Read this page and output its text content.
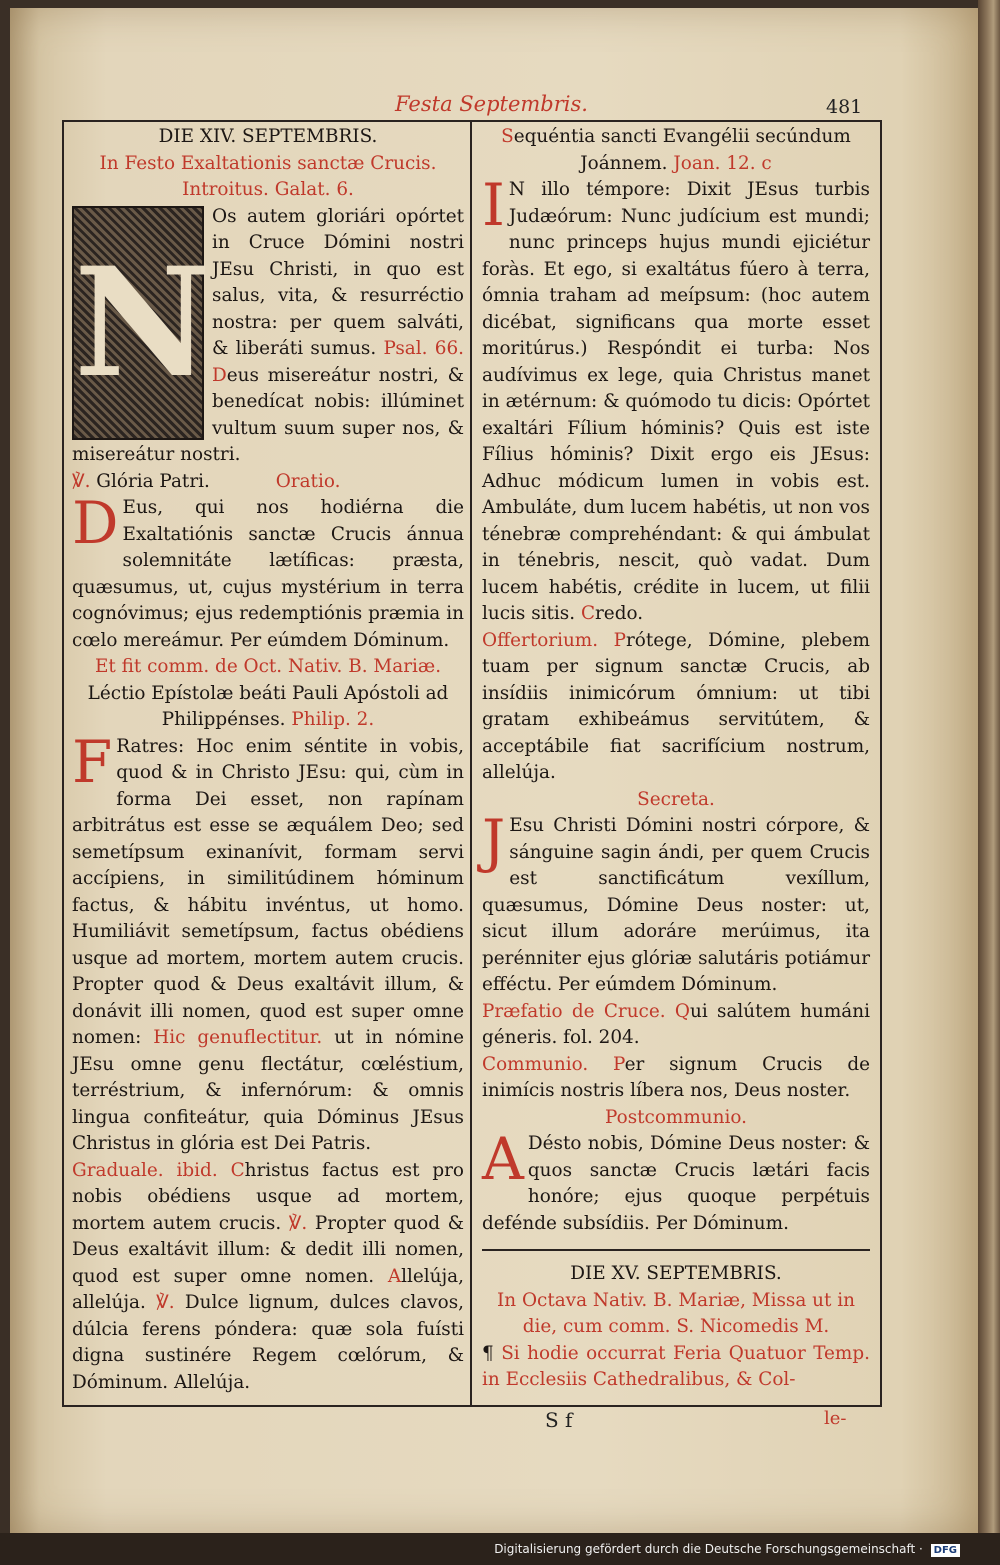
Festa Septembris.	481
DIE XIV. SEPTEMBRIS.
In Festo Exaltationis sanctæ Crucis.
Introitus. Galat. 6.
N
Os autem gloriári opórtet in Cruce Dómini nostri JEsu Christi, in quo est salus, vita, & resurréctio nostra: per quem salváti, & liberáti sumus. Psal. 66. Deus misereátur nostri, & benedícat nobis: illúminet vultum suum super nos, & misereátur nostri.
℣. Glória Patri.	Oratio.
D Eus, qui nos hodiérna die Exaltatiónis sanctæ Crucis ánnua solemnitáte lætíficas: præsta, quæsumus, ut, cujus mystérium in terra cognóvimus; ejus redemptiónis præmia in cœlo mereámur. Per eúmdem Dóminum.
Et fit comm. de Oct. Nativ. B. Mariæ.
Léctio Epístolæ beáti Pauli Apóstoli ad Philippénses. Philip. 2.
F Ratres: Hoc enim séntite in vobis, quod & in Christo JEsu: qui, cùm in forma Dei esset, non rapínam arbitrátus est esse se æquálem Deo; sed semetípsum exinanívit, formam servi accípiens, in similitúdinem hóminum factus, & hábitu invéntus, ut homo. Humiliávit semetípsum, factus obédiens usque ad mortem, mortem autem crucis. Propter quod & Deus exaltávit illum, & donávit illi nomen, quod est super omne nomen: Hic genuflectitur. ut in nómine JEsu omne genu flectátur, cœléstium, terréstrium, & infernórum: & omnis lingua confiteátur, quia Dóminus JEsus Christus in glória est Dei Patris.
Graduale. ibid. Christus factus est pro nobis obédiens usque ad mortem, mortem autem crucis. ℣. Propter quod & Deus exaltávit illum: & dedit illi nomen, quod est super omne nomen. Allelúja, allelúja. ℣. Dulce lignum, dulces clavos, dúlcia ferens póndera: quæ sola fuísti digna sustinére Regem cœlórum, & Dóminum. Allelúja.
Sequéntia sancti Evangélii secúndum Joánnem. Joan. 12. c
I N illo témpore: Dixit JEsus turbis Judæórum: Nunc judícium est mundi; nunc princeps hujus mundi ejiciétur foràs. Et ego, si exaltátus fúero à terra, ómnia traham ad meípsum: (hoc autem dicébat, significans qua morte esset moritúrus.) Respóndit ei turba: Nos audívimus ex lege, quia Christus manet in ætérnum: & quómodo tu dicis: Opórtet exaltári Fílium hóminis? Quis est iste Fílius hóminis? Dixit ergo eis JEsus: Adhuc módicum lumen in vobis est. Ambuláte, dum lucem habétis, ut non vos ténebræ comprehéndant: & qui ámbulat in ténebris, nescit, quò vadat. Dum lucem habétis, crédite in lucem, ut filii lucis sitis. Credo.
Offertorium. Prótege, Dómine, plebem tuam per signum sanctæ Crucis, ab insídiis inimicórum ómnium: ut tibi gratam exhibeámus servitútem, & acceptábile fiat sacrifícium nostrum, allelúja.
Secreta.
J Esu Christi Dómini nostri córpore, & sánguine sagin ándi, per quem Crucis est sanctificátum vexíllum, quæsumus, Dómine Deus noster: ut, sicut illum adoráre merúimus, ita perénniter ejus glóriæ salutáris potiámur efféctu. Per eúmdem Dóminum.
Præfatio de Cruce. Qui salútem humáni géneris. fol. 204.
Communio. Per signum Crucis de inimícis nostris líbera nos, Deus noster.
Postcommunio.
A Désto nobis, Dómine Deus noster: & quos sanctæ Crucis lætári facis honóre; ejus quoque perpétuis defénde subsídiis. Per Dóminum.
DIE XV. SEPTEMBRIS.
In Octava Nativ. B. Mariæ, Missa ut in die, cum comm. S. Nicomedis M.
¶ Si hodie occurrat Feria Quatuor Temp. in Ecclesiis Cathedralibus, & Col-
S f	le-
Digitalisierung gefördert durch die Deutsche Forschungsgemeinschaft · DFG
